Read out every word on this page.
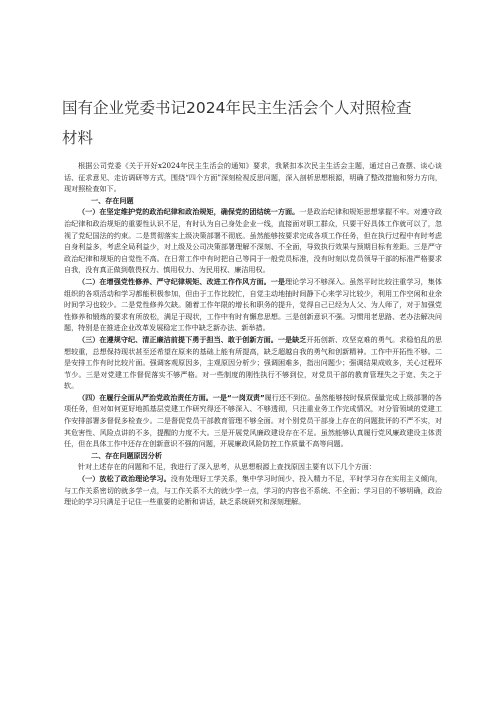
国有企业党委书记2024年民主生活会个人对照检查
材料

根据公司党委《关于开好x2024年民主生活会的通知》要求，我紧扣本次民主生活会主题，通过自己查摆、谈心谈话、征求意见、走访调研等方式，围绕“四个方面”深刻检视反思问题，深入剖析思想根源，明确了整改措施和努力方向，现对照检查如下。

一、存在问题

（一）在坚定维护党的政治纪律和政治规矩，确保党的团结统一方面。一是政治纪律和规矩思想掌握不牢。对遵守政治纪律和政治规矩的重要性认识不足，有时认为自己身处企业一线，直接面对职工群众，只要干好具体工作就可以了，忽视了党纪国法的约束。二是贯彻落实上级决策部署不彻底。虽然能够按要求完成各项工作任务，但在执行过程中有时考虑自身利益多，考虑全局利益少，对上级及公司决策部署理解不深刻、不全面，导致执行效果与预期目标有差距。三是严守政治纪律和规矩的自觉性不高。在日常工作中有时把自己等同于一般党员标准，没有时刻以党员领导干部的标准严格要求自我，没有真正做到敬畏权力、慎用权力、为民用权、廉洁用权。

（二）在增强党性修养、严守纪律规矩、改进工作作风方面。一是理论学习不够深入。虽然平时比较注重学习，集体组织的各项活动和学习都能积极参加，但由于工作比较忙，自觉主动地抽时间静下心来学习比较少，利用工作空闲和业余时间学习也较少。二是党性修养欠缺。随着工作年限的增长和职务的提升，觉得自己已经为人父、为人师了，对于加强党性修养和锻炼的要求有所放松，满足于现状，工作中有时有懈怠思想。三是创新意识不强。习惯用老思路、老办法解决问题，特别是在推进企业改革发展稳定工作中缺乏新办法、新举措。

（三）在遵规守纪、清正廉洁前提下勇于担当、敢于创新方面。一是缺乏开拓创新、攻坚克难的勇气。求稳怕乱的思想较重，总想保持现状甚至还希望在原来的基础上能有所提高，缺乏超越自我的勇气和创新精神。工作中开拓性不够。二是安排工作有时比较片面。强调客观原因多，主观原因分析少；强调困难多，指出问题少；强调结果成败多，关心过程环节少。三是对党建工作督促落实不够严格。对一些制度的刚性执行不够到位，对党员干部的教育管理失之于宽、失之于软。

（四）在履行全面从严治党政治责任方面。一是“一岗双责”履行还不到位。虽然能够按时保质保量完成上级部署的各项任务，但对如何更好地抓基层党建工作研究得还不够深入、不够透彻，只注重业务工作完成情况，对分管领域的党建工作安排部署多督促多检查少。二是督促党员干部教育管理不够全面。对个别党员干部身上存在的问题批评的不严不实，对其危害性、风险点讲的不多，提醒的力度不大。三是开展党风廉政建设存在不足。虽然能够认真履行党风廉政建设主体责任，但在具体工作中还存在创新意识不强的问题，开展廉政风险防控工作质量不高等问题。

二、存在问题原因分析

针对上述存在的问题和不足，我进行了深入思考，从思想根源上查找原因主要有以下几个方面：

（一）放松了政治理论学习。没有处理好工学关系，集中学习时间少、投入精力不足，平时学习存在实用主义倾向，与工作关系密切的就多学一点，与工作关系不大的就少学一点，学习的内容也不系统、不全面；学习目的不够明确，政治理论的学习只满足于记住一些重要的论断和讲话，缺乏系统研究和深刻理解。
